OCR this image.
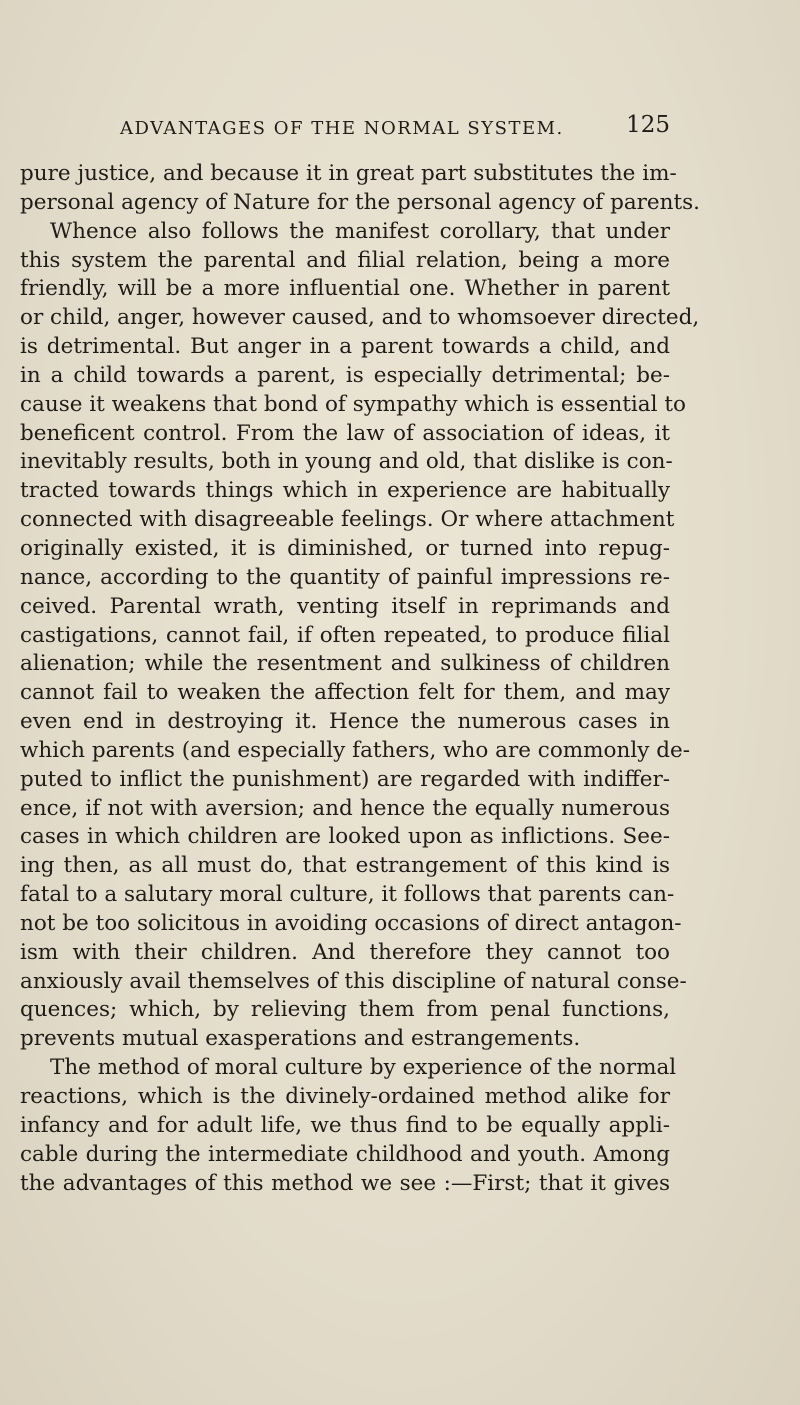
ADVANTAGES OF THE NORMAL SYSTEM.	125
pure justice, and because it in great part substitutes the im-
personal agency of Nature for the personal agency of parents.
Whence also follows the manifest corollary, that under
this system the parental and filial relation, being a more
friendly, will be a more influential one. Whether in parent
or child, anger, however caused, and to whomsoever directed,
is detrimental. But anger in a parent towards a child, and
in a child towards a parent, is especially detrimental; be-
cause it weakens that bond of sympathy which is essential to
beneficent control. From the law of association of ideas, it
inevitably results, both in young and old, that dislike is con-
tracted towards things which in experience are habitually
connected with disagreeable feelings. Or where attachment
originally existed, it is diminished, or turned into repug-
nance, according to the quantity of painful impressions re-
ceived. Parental wrath, venting itself in reprimands and
castigations, cannot fail, if often repeated, to produce filial
alienation; while the resentment and sulkiness of children
cannot fail to weaken the affection felt for them, and may
even end in destroying it. Hence the numerous cases in
which parents (and especially fathers, who are commonly de-
puted to inflict the punishment) are regarded with indiffer-
ence, if not with aversion; and hence the equally numerous
cases in which children are looked upon as inflictions. See-
ing then, as all must do, that estrangement of this kind is
fatal to a salutary moral culture, it follows that parents can-
not be too solicitous in avoiding occasions of direct antagon-
ism with their children. And therefore they cannot too
anxiously avail themselves of this discipline of natural conse-
quences; which, by relieving them from penal functions,
prevents mutual exasperations and estrangements.
The method of moral culture by experience of the normal
reactions, which is the divinely-ordained method alike for
infancy and for adult life, we thus find to be equally appli-
cable during the intermediate childhood and youth. Among
the advantages of this method we see :—First; that it gives
